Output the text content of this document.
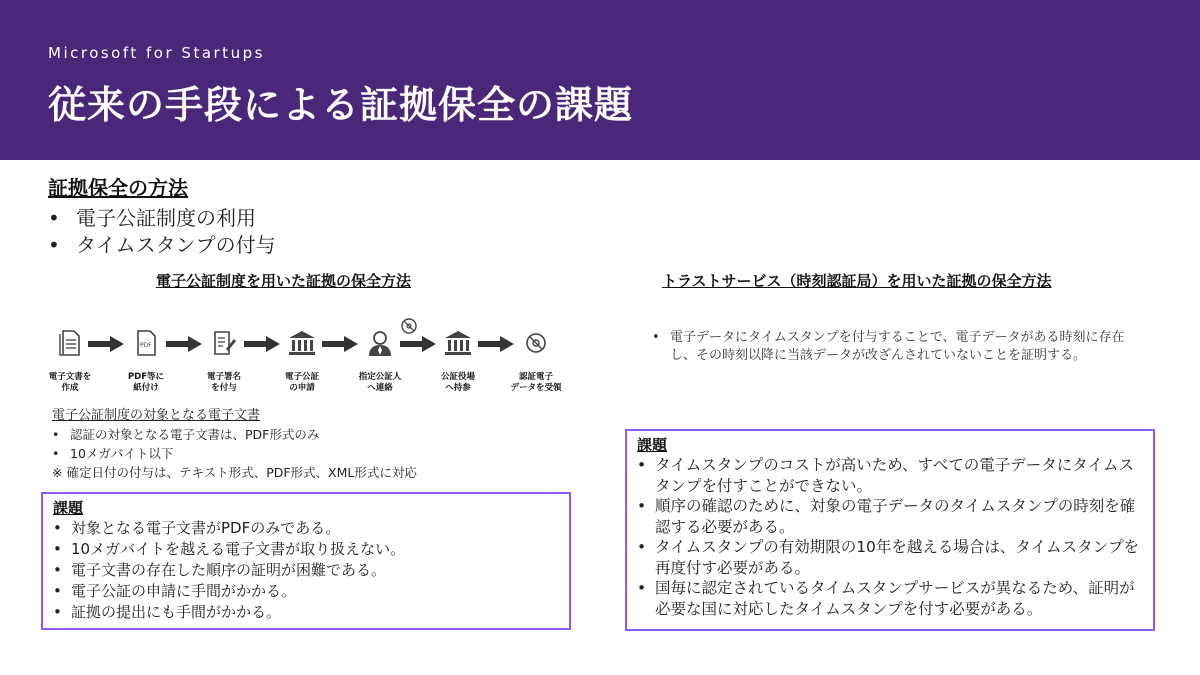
Microsoft for Startups
従来の手段による証拠保全の課題
証拠保全の方法
• 電子公証制度の利用
• タイムスタンプの付与
電子公証制度を用いた証拠の保全方法	トラストサービス（時刻認証局）を用いた証拠の保全方法
電子文書を
作成
PDF
PDF等に
紙付け
電子署名
を付与
電子公証
の申請
指定公証人
へ連絡
公証役場
へ持参
認証電子
データを受領
電子公証制度の対象となる電子文書
• 認証の対象となる電子文書は、PDF形式のみ
• 10メガバイト以下
※ 確定日付の付与は、テキスト形式、PDF形式、XML形式に対応
課題
• 対象となる電子文書がPDFのみである。
• 10メガバイトを越える電子文書が取り扱えない。
• 電子文書の存在した順序の証明が困難である。
• 電子公証の申請に手間がかかる。
• 証拠の提出にも手間がかかる。
• 電子データにタイムスタンプを付与することで、電子データがある時刻に存在し、その時刻以降に当該データが改ざんされていないことを証明する。
課題
• タイムスタンプのコストが高いため、すべての電子データにタイムスタンプを付すことができない。
• 順序の確認のために、対象の電子データのタイムスタンプの時刻を確認する必要がある。
• タイムスタンプの有効期限の10年を越える場合は、タイムスタンプを再度付す必要がある。
• 国毎に認定されているタイムスタンプサービスが異なるため、証明が必要な国に対応したタイムスタンプを付す必要がある。
